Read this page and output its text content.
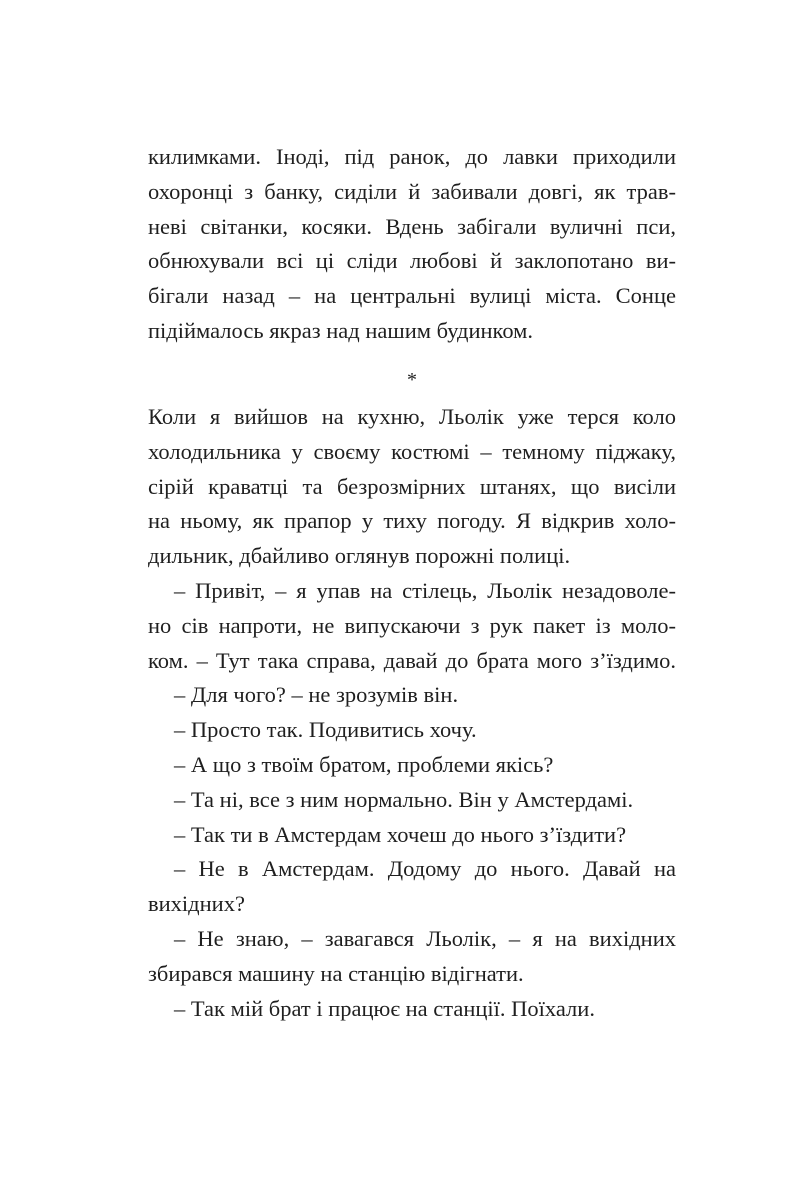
килимками. Іноді, під ранок, до лавки приходили
охоронці з банку, сиділи й забивали довгі, як трав-
неві світанки, косяки. Вдень забігали вуличні пси,
обнюхували всі ці сліди любові й заклопотано ви-
бігали назад – на центральні вулиці міста. Сонце
підіймалось якраз над нашим будинком.
*
Коли я вийшов на кухню, Льолік уже терся коло
холодильника у своєму костюмі – темному піджаку,
сірій краватці та безрозмірних штанях, що висіли
на ньому, як прапор у тиху погоду. Я відкрив холо-
дильник, дбайливо оглянув порожні полиці.
– Привіт, – я упав на стілець, Льолік незадоволе-
но сів напроти, не випускаючи з рук пакет із моло-
ком. – Тут така справа, давай до брата мого з’їздимо.
– Для чого? – не зрозумів він.
– Просто так. Подивитись хочу.
– А що з твоїм братом, проблеми якісь?
– Та ні, все з ним нормально. Він у Амстердамі.
– Так ти в Амстердам хочеш до нього з’їздити?
– Не в Амстердам. Додому до нього. Давай на
вихідних?
– Не знаю, – завагався Льолік, – я на вихідних
збирався машину на станцію відігнати.
– Так мій брат і працює на станції. Поїхали.
